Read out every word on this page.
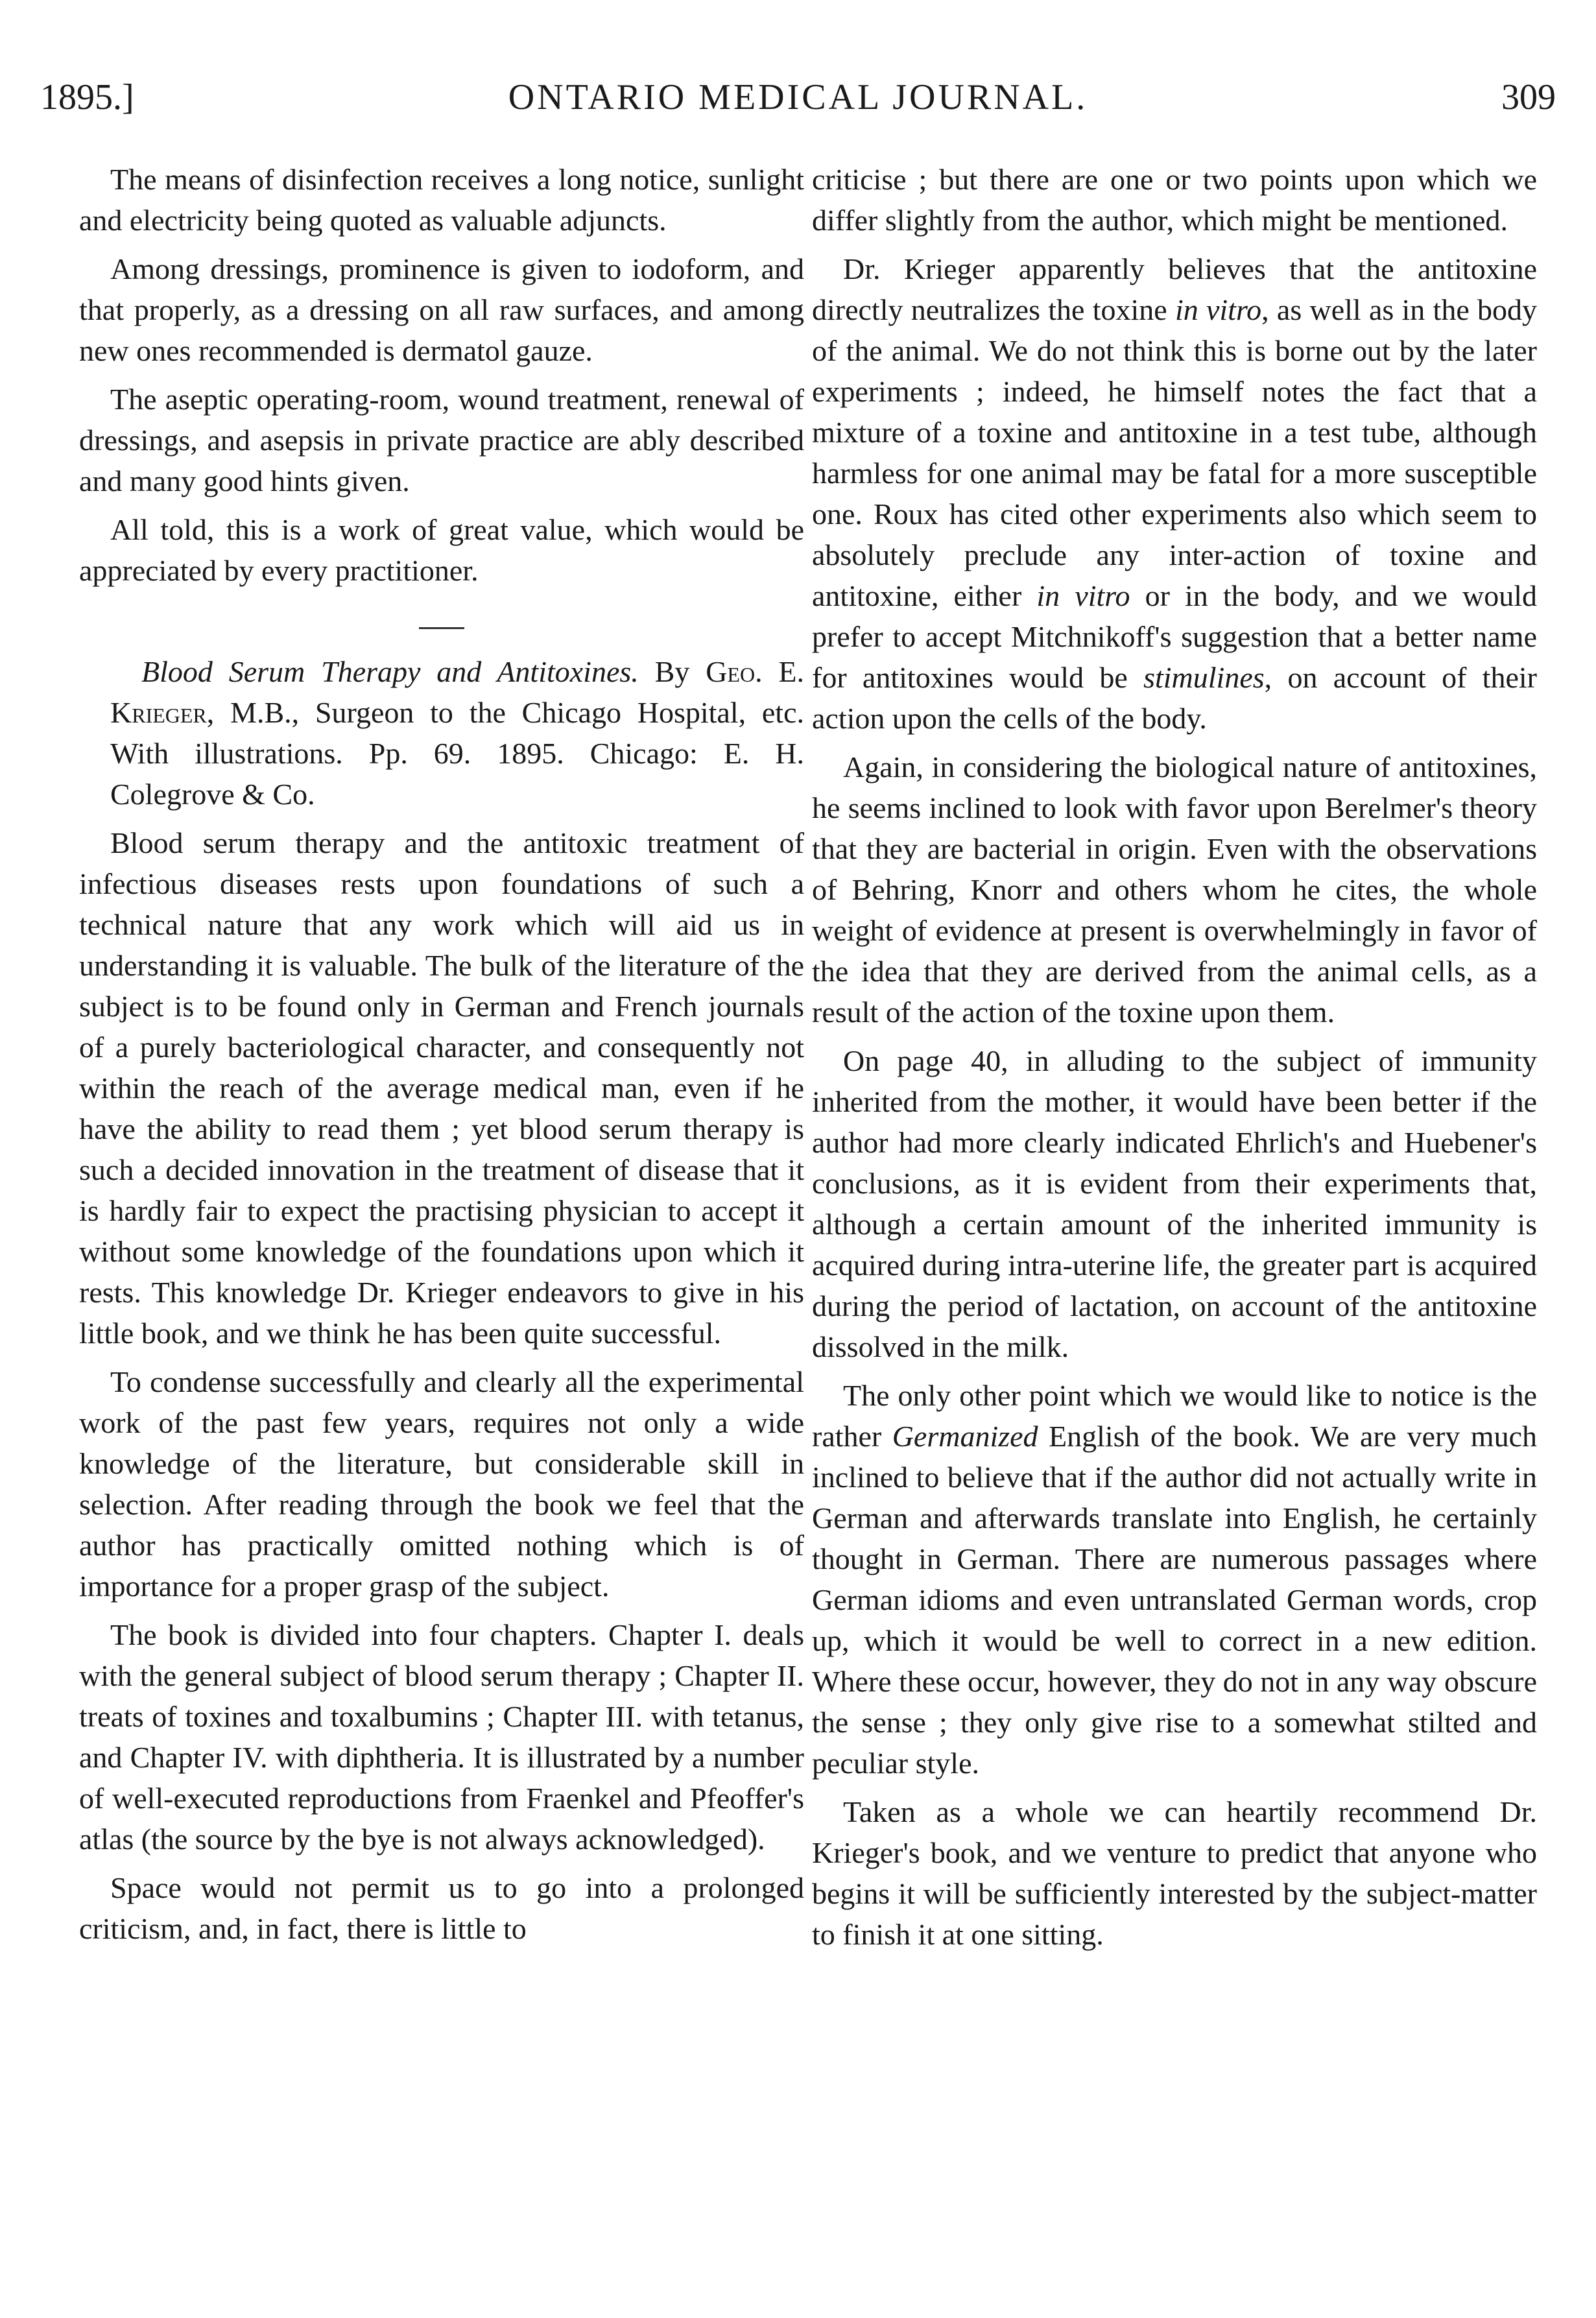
1895.]	ONTARIO MEDICAL JOURNAL.	309

The means of disinfection receives a long notice, sunlight and electricity being quoted as valuable adjuncts.

Among dressings, prominence is given to iodoform, and that properly, as a dressing on all raw surfaces, and among new ones recommended is dermatol gauze.

The aseptic operating-room, wound treatment, renewal of dressings, and asepsis in private practice are ably described and many good hints given.

All told, this is a work of great value, which would be appreciated by every practitioner.

Blood Serum Therapy and Antitoxines. By Geo. E. Krieger, M.B., Surgeon to the Chicago Hospital, etc. With illustrations. Pp. 69. 1895. Chicago: E. H. Colegrove & Co.

Blood serum therapy and the antitoxic treatment of infectious diseases rests upon foundations of such a technical nature that any work which will aid us in understanding it is valuable. The bulk of the literature of the subject is to be found only in German and French journals of a purely bacteriological character, and consequently not within the reach of the average medical man, even if he have the ability to read them ; yet blood serum therapy is such a decided innovation in the treatment of disease that it is hardly fair to expect the practising physician to accept it without some knowledge of the foundations upon which it rests. This knowledge Dr. Krieger endeavors to give in his little book, and we think he has been quite successful.

To condense successfully and clearly all the experimental work of the past few years, requires not only a wide knowledge of the literature, but considerable skill in selection. After reading through the book we feel that the author has practically omitted nothing which is of importance for a proper grasp of the subject.

The book is divided into four chapters. Chapter I. deals with the general subject of blood serum therapy ; Chapter II. treats of toxines and toxalbumins ; Chapter III. with tetanus, and Chapter IV. with diphtheria. It is illustrated by a number of well-executed reproductions from Fraenkel and Pfeoffer's atlas (the source by the bye is not always acknowledged).

Space would not permit us to go into a prolonged criticism, and, in fact, there is little to

criticise ; but there are one or two points upon which we differ slightly from the author, which might be mentioned.

Dr. Krieger apparently believes that the antitoxine directly neutralizes the toxine in vitro, as well as in the body of the animal. We do not think this is borne out by the later experiments ; indeed, he himself notes the fact that a mixture of a toxine and antitoxine in a test tube, although harmless for one animal may be fatal for a more susceptible one. Roux has cited other experiments also which seem to absolutely preclude any inter-action of toxine and antitoxine, either in vitro or in the body, and we would prefer to accept Mitchnikoff's suggestion that a better name for antitoxines would be stimulines, on account of their action upon the cells of the body.

Again, in considering the biological nature of antitoxines, he seems inclined to look with favor upon Berelmer's theory that they are bacterial in origin. Even with the observations of Behring, Knorr and others whom he cites, the whole weight of evidence at present is overwhelmingly in favor of the idea that they are derived from the animal cells, as a result of the action of the toxine upon them.

On page 40, in alluding to the subject of immunity inherited from the mother, it would have been better if the author had more clearly indicated Ehrlich's and Huebener's conclusions, as it is evident from their experiments that, although a certain amount of the inherited immunity is acquired during intra-uterine life, the greater part is acquired during the period of lactation, on account of the antitoxine dissolved in the milk.

The only other point which we would like to notice is the rather Germanized English of the book. We are very much inclined to believe that if the author did not actually write in German and afterwards translate into English, he certainly thought in German. There are numerous passages where German idioms and even untranslated German words, crop up, which it would be well to correct in a new edition. Where these occur, however, they do not in any way obscure the sense ; they only give rise to a somewhat stilted and peculiar style.

Taken as a whole we can heartily recommend Dr. Krieger's book, and we venture to predict that anyone who begins it will be sufficiently interested by the subject-matter to finish it at one sitting.
